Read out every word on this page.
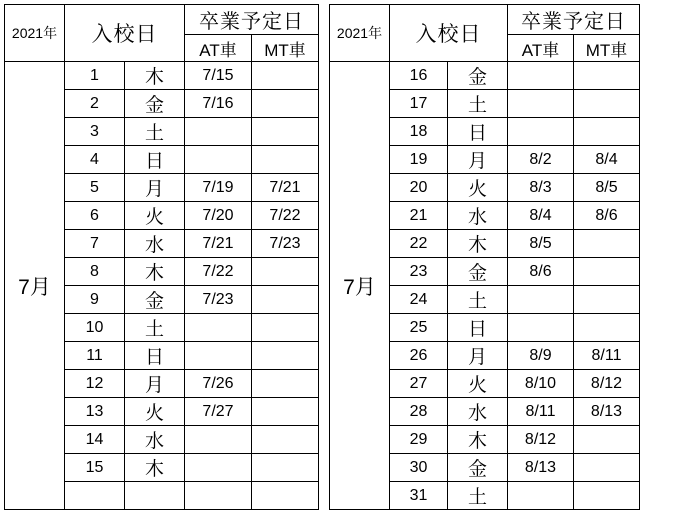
2021年	入校日		卒業予定日	
			AT車	MT車
7月	1	木	7/15	
	2	金	7/16	
	3	土		
	4	日		
	5	月	7/19	7/21
	6	火	7/20	7/22
	7	水	7/21	7/23
	8	木	7/22	
	9	金	7/23	
	10	土		
	11	日		
	12	月	7/26	
	13	火	7/27	
	14	水		
	15	木		

2021年	入校日		卒業予定日	
			AT車	MT車
7月	16	金		
	17	土		
	18	日		
	19	月	8/2	8/4
	20	火	8/3	8/5
	21	水	8/4	8/6
	22	木	8/5	
	23	金	8/6	
	24	土		
	25	日		
	26	月	8/9	8/11
	27	火	8/10	8/12
	28	水	8/11	8/13
	29	木	8/12	
	30	金	8/13	
	31	土		
